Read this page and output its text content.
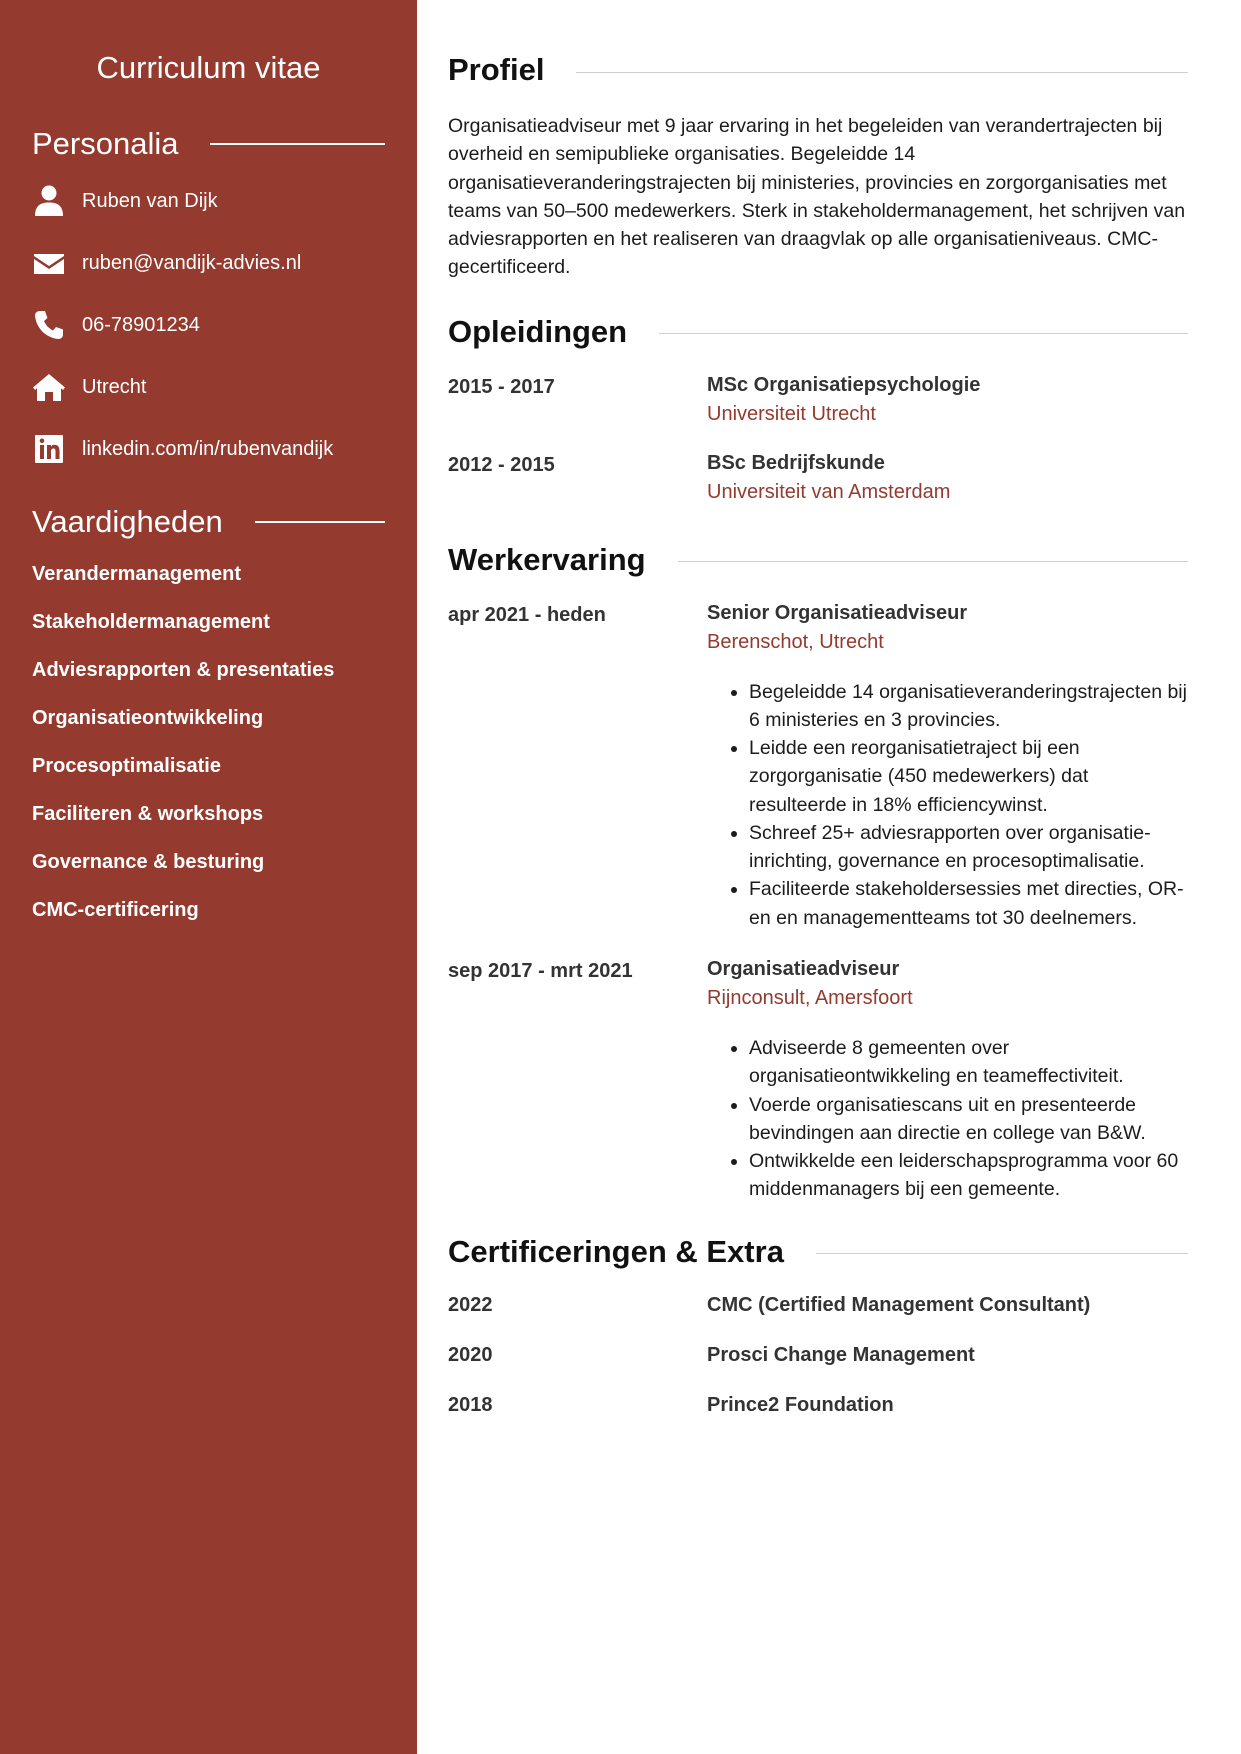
Curriculum vitae
Personalia
Ruben van Dijk
ruben@vandijk-advies.nl
06-78901234
Utrecht
linkedin.com/in/rubenvandijk
Vaardigheden
Verandermanagement
Stakeholdermanagement
Adviesrapporten & presentaties
Organisatieontwikkeling
Procesoptimalisatie
Faciliteren & workshops
Governance & besturing
CMC-certificering
Profiel

Organisatieadviseur met 9 jaar ervaring in het begeleiden van verandertrajecten bij overheid en semipublieke organisaties. Begeleidde 14 organisatieveranderingstrajecten bij ministeries, provincies en zorgorganisaties met teams van 50–500 medewerkers. Sterk in stakeholdermanagement, het schrijven van adviesrapporten en het realiseren van draagvlak op alle organisatieniveaus. CMC-gecertificeerd.

Opleidingen
2015 - 2017	MSc Organisatiepsychologie
Universiteit Utrecht
2012 - 2015	BSc Bedrijfskunde
Universiteit van Amsterdam
Werkervaring
apr 2021 - heden	Senior Organisatieadviseur
Berenschot, Utrecht
• Begeleidde 14 organisatieveranderingstrajecten bij 6 ministeries en 3 provincies.
• Leidde een reorganisatietraject bij een zorgorganisatie (450 medewerkers) dat resulteerde in 18% efficiencywinst.
• Schreef 25+ adviesrapporten over organisatie-inrichting, governance en procesoptimalisatie.
• Faciliteerde stakeholdersessies met directies, OR-en en managementteams tot 30 deelnemers.
sep 2017 - mrt 2021	Organisatieadviseur
Rijnconsult, Amersfoort
• Adviseerde 8 gemeenten over organisatieontwikkeling en teameffectiviteit.
• Voerde organisatiescans uit en presenteerde bevindingen aan directie en college van B&W.
• Ontwikkelde een leiderschapsprogramma voor 60 middenmanagers bij een gemeente.
Certificeringen & Extra
2022	CMC (Certified Management Consultant)
2020	Prosci Change Management
2018	Prince2 Foundation
